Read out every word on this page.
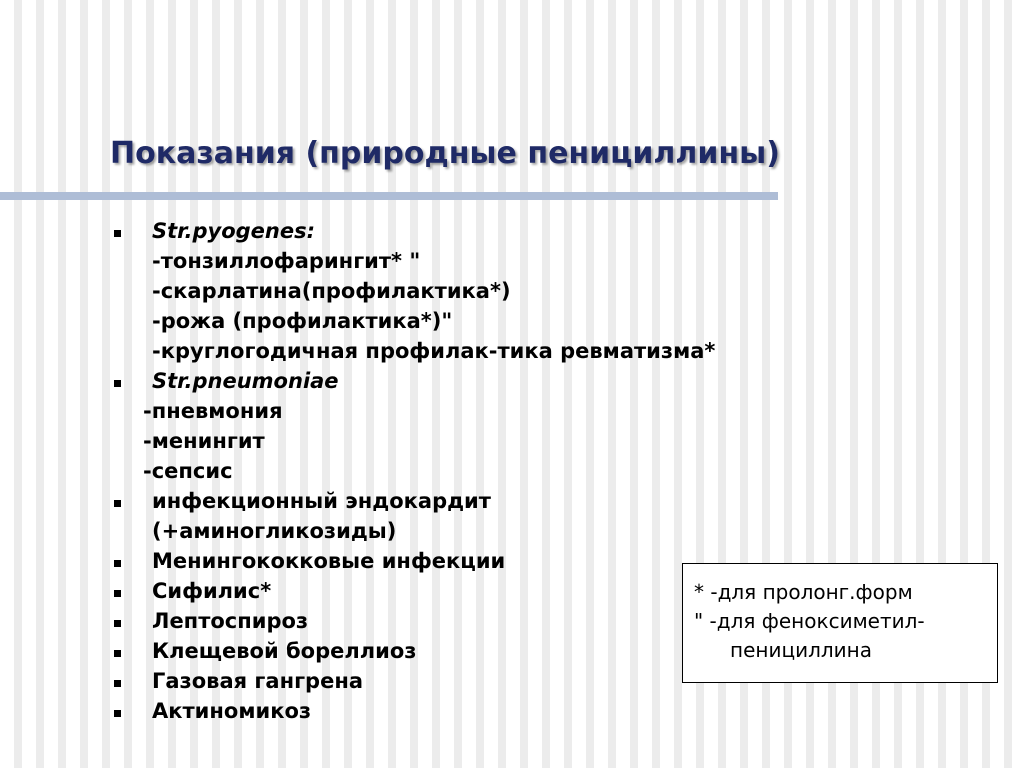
Показания (природные пенициллины)
Str.pyogenes:
-тонзиллофарингит* "
-скарлатина(профилактика*)
-рожа (профилактика*)"
-круглогодичная профилак-тика ревматизма*
Str.pneumoniae
-пневмония
-менингит
-сепсис
инфекционный эндокардит
(+аминогликозиды)
Менингококковые инфекции
Сифилис*
Лептоспироз
Клещевой бореллиоз
Газовая гангрена
Актиномикоз
* -для пролонг.форм
" -для феноксиметил-
пенициллина
